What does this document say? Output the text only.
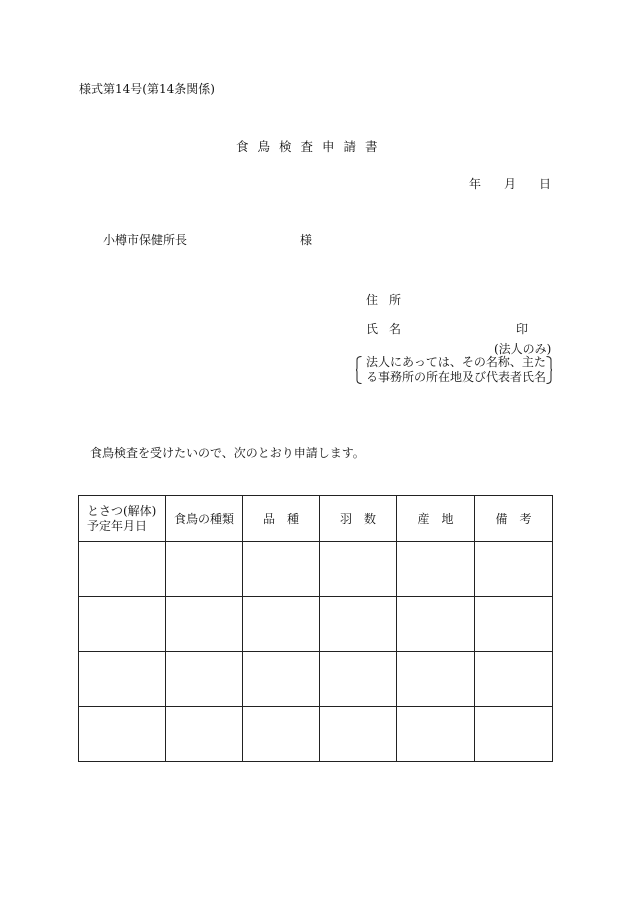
様式第14号(第14条関係)
食鳥検査申請書
年 月 日
小樽市保健所長	様
住所
氏名	印
(法人のみ)
法人にあっては、その名称、主た
る事務所の所在地及び代表者氏名
食鳥検査を受けたいので、次のとおり申請します。
とさつ(解体)
予定年月日	食鳥の種類	品　種	羽　数	産　地	備　考
